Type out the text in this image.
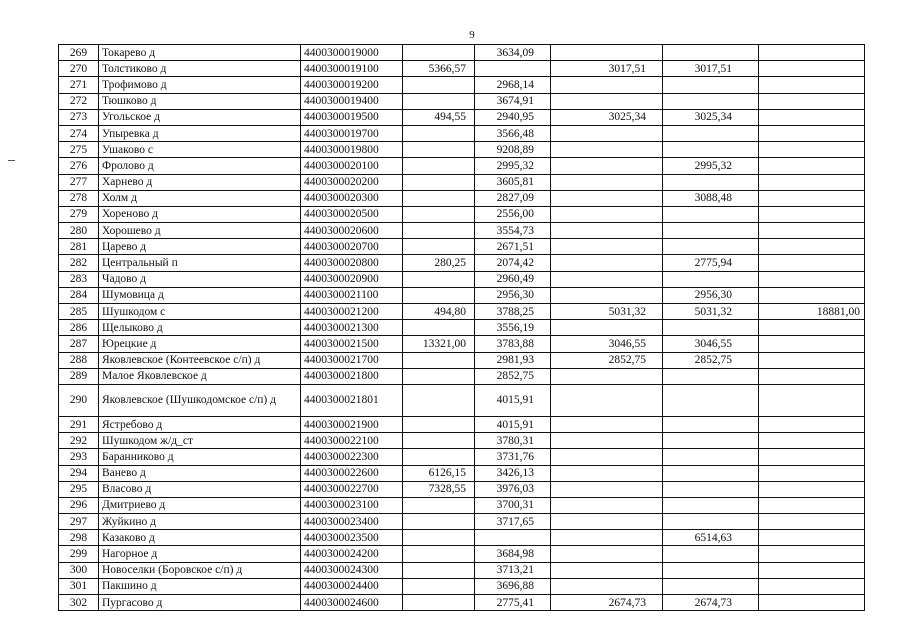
9
269	Токарево д	4400300019000		3634,09			
270	Толстиково д	4400300019100	5366,57		3017,51	3017,51	
271	Трофимово д	4400300019200		2968,14			
272	Тюшково д	4400300019400		3674,91			
273	Угольское д	4400300019500	494,55	2940,95	3025,34	3025,34	
274	Упыревка д	4400300019700		3566,48			
275	Ушаково с	4400300019800		9208,89			
276	Фролово д	4400300020100		2995,32		2995,32	
277	Харнево д	4400300020200		3605,81			
278	Холм д	4400300020300		2827,09		3088,48	
279	Хореново д	4400300020500		2556,00			
280	Хорошево д	4400300020600		3554,73			
281	Царево д	4400300020700		2671,51			
282	Центральный п	4400300020800	280,25	2074,42		2775,94	
283	Чадово д	4400300020900		2960,49			
284	Шумовица д	4400300021100		2956,30		2956,30	
285	Шушкодом с	4400300021200	494,80	3788,25	5031,32	5031,32	18881,00
286	Щелыково д	4400300021300		3556,19			
287	Юрецкие д	4400300021500	13321,00	3783,88	3046,55	3046,55	
288	Яковлевское (Контеевское с/п) д	4400300021700		2981,93	2852,75	2852,75	
289	Малое Яковлевское д	4400300021800		2852,75			
290	Яковлевское (Шушкодомское с/п) д	4400300021801		4015,91			
291	Ястребово д	4400300021900		4015,91			
292	Шушкодом ж/д_ст	4400300022100		3780,31			
293	Баранниково д	4400300022300		3731,76			
294	Ванево д	4400300022600	6126,15	3426,13			
295	Власово д	4400300022700	7328,55	3976,03			
296	Дмитриево д	4400300023100		3700,31			
297	Жуйкино д	4400300023400		3717,65			
298	Казаково д	4400300023500				6514,63	
299	Нагорное д	4400300024200		3684,98			
300	Новоселки (Боровское с/п) д	4400300024300		3713,21			
301	Пакшино д	4400300024400		3696,88			
302	Пургасово д	4400300024600		2775,41	2674,73	2674,73	
